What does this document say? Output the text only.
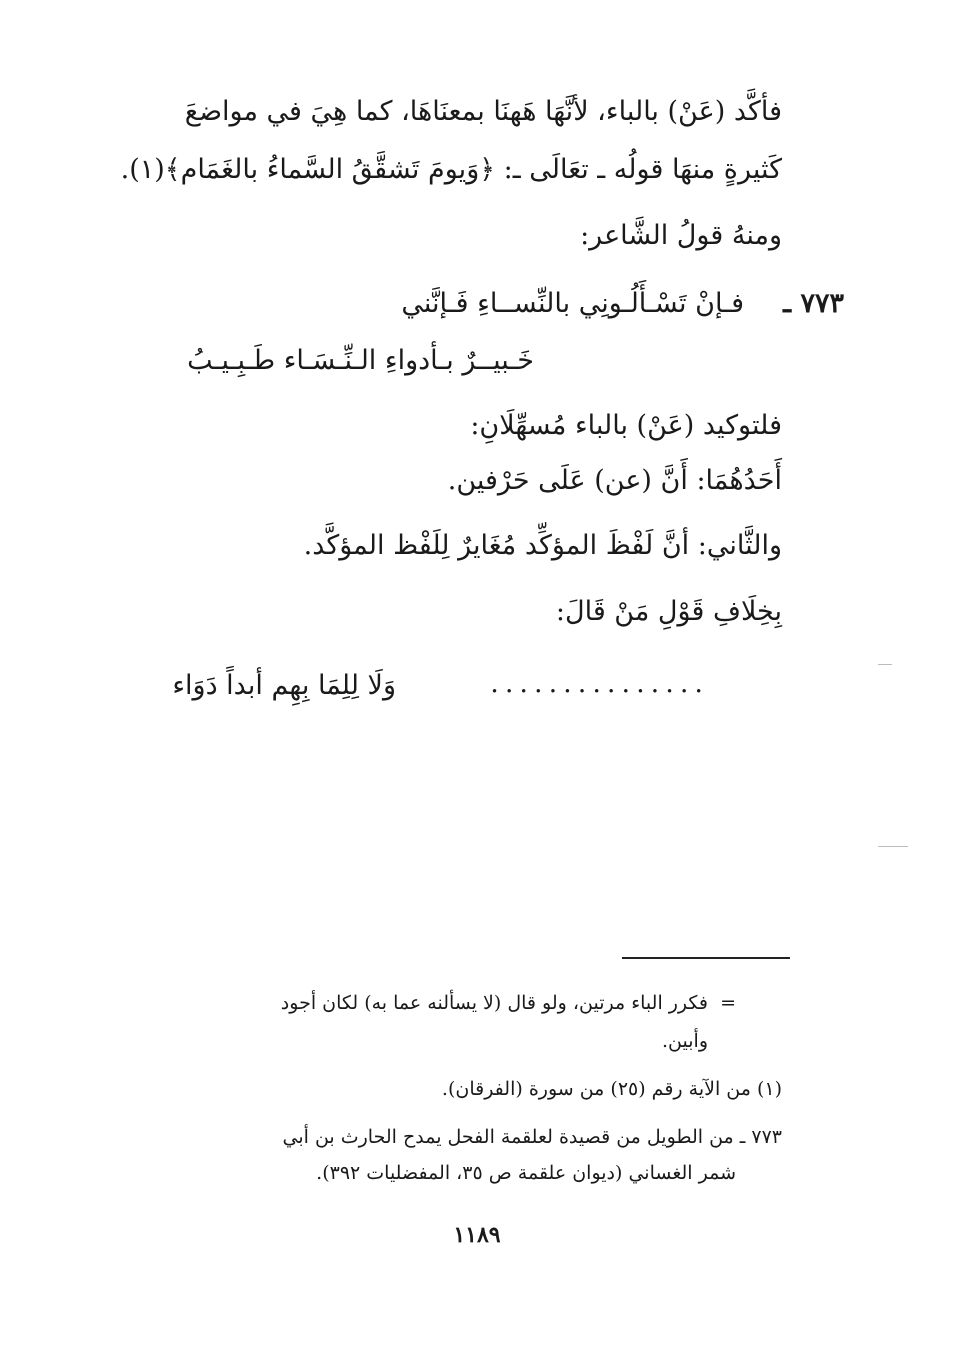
فأكَّد (عَنْ) بالباء، لأنَّهَا هَهنَا بمعنَاهَا، كما هِيَ في مواضعَ
كَثيرةٍ منهَا قولُه ـ تعَالَى ـ: ﴿وَيومَ تَشقَّقُ السَّماءُ بالغَمَام﴾(١).
ومنهُ قولُ الشَّاعر:
٧٧٣ ـ
فـإنْ تَسْـأَلُـونِي بالنِّســاءِ فَـإنَّني
خَـبيــرٌ بـأدواءِ الـنِّـسَـاء طَـبِـيـبُ
فلتوكيد (عَنْ) بالباء مُسهِّلَانِ:
أَحَدُهُمَا: أَنَّ (عن) عَلَى حَرْفين.
والثَّاني: أنَّ لَفْظَ المؤكِّد مُغَايرٌ لِلَفْظ المؤكَّد.
بِخِلَافِ قَوْلِ مَنْ قَالَ:
وَلَا لِلِمَا بِهِم أبداً دَوَاء	...............
=
فكرر الباء مرتين، ولو قال (لا يسألنه عما به) لكان أجود
وأبين.
(١) من الآية رقم (٢٥) من سورة (الفرقان).
٧٧٣ ـ من الطويل من قصيدة لعلقمة الفحل يمدح الحارث بن أبي
شمر الغساني (ديوان علقمة ص ٣٥، المفضليات ٣٩٢).
١١٨٩
